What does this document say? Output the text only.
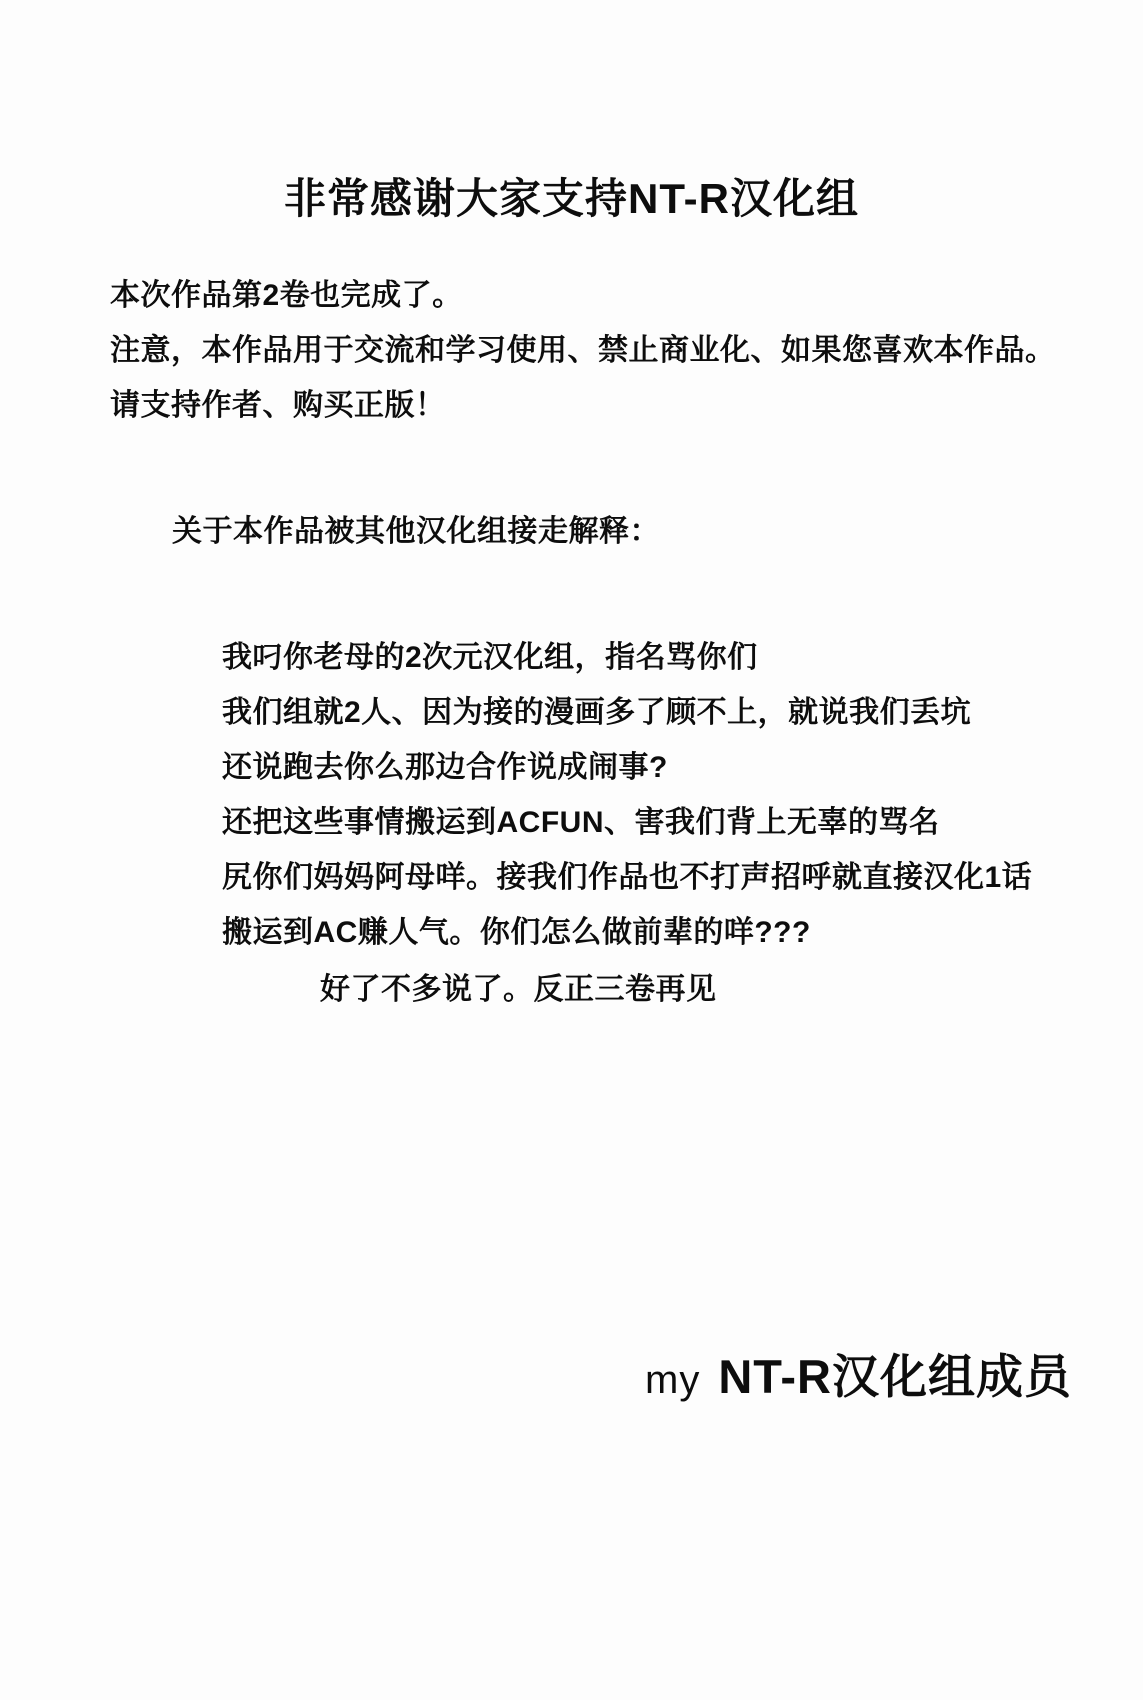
非常感谢大家支持NT-R汉化组
本次作品第2卷也完成了。
注意，本作品用于交流和学习使用、禁止商业化、如果您喜欢本作品。
请支持作者、购买正版！
关于本作品被其他汉化组接走解释：
我叼你老母的2次元汉化组，指名骂你们
我们组就2人、因为接的漫画多了顾不上，就说我们丢坑
还说跑去你么那边合作说成闹事?
还把这些事情搬运到ACFUN、害我们背上无辜的骂名
尻你们妈妈阿母咩。接我们作品也不打声招呼就直接汉化1话
搬运到AC赚人气。你们怎么做前辈的咩???
好了不多说了。反正三卷再见
my NT-R汉化组成员
